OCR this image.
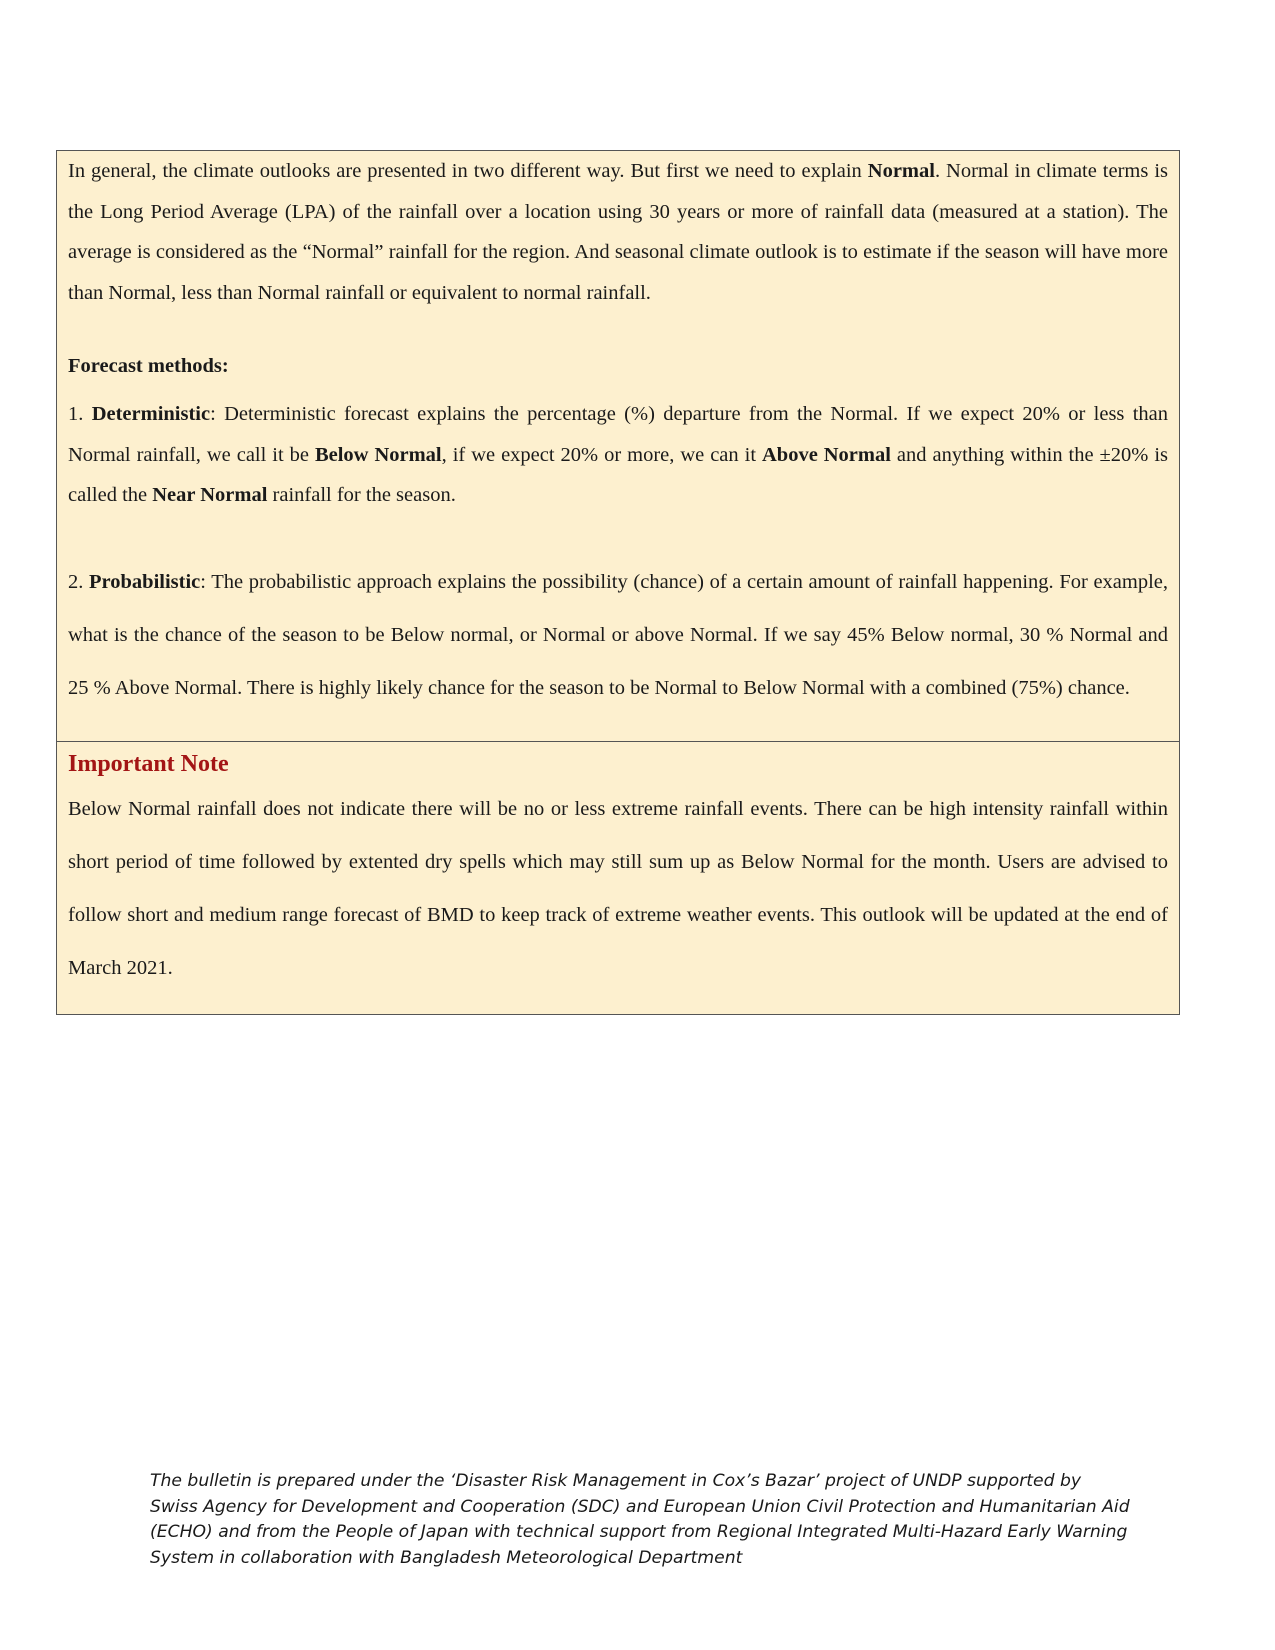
In general, the climate outlooks are presented in two different way. But first we need to explain Normal. Normal in climate terms is the Long Period Average (LPA) of the rainfall over a location using 30 years or more of rainfall data (measured at a station). The average is considered as the “Normal” rainfall for the region. And seasonal climate outlook is to estimate if the season will have more than Normal, less than Normal rainfall or equivalent to normal rainfall.

Forecast methods:

1. Deterministic: Deterministic forecast explains the percentage (%) departure from the Normal. If we expect 20% or less than Normal rainfall, we call it be Below Normal, if we expect 20% or more, we can it Above Normal and anything within the ±20% is called the Near Normal rainfall for the season.

2. Probabilistic: The probabilistic approach explains the possibility (chance) of a certain amount of rainfall happening. For example, what is the chance of the season to be Below normal, or Normal or above Normal. If we say 45% Below normal, 30 % Normal and 25 % Above Normal. There is highly likely chance for the season to be Normal to Below Normal with a combined (75%) chance.

Important Note

Below Normal rainfall does not indicate there will be no or less extreme rainfall events. There can be high intensity rainfall within short period of time followed by extented dry spells which may still sum up as Below Normal for the month. Users are advised to follow short and medium range forecast of BMD to keep track of extreme weather events. This outlook will be updated at the end of March 2021.

The bulletin is prepared under the ‘Disaster Risk Management in Cox’s Bazar’ project of UNDP supported by Swiss Agency for Development and Cooperation (SDC) and European Union Civil Protection and Humanitarian Aid (ECHO) and from the People of Japan with technical support from Regional Integrated Multi-Hazard Early Warning System in collaboration with Bangladesh Meteorological Department
